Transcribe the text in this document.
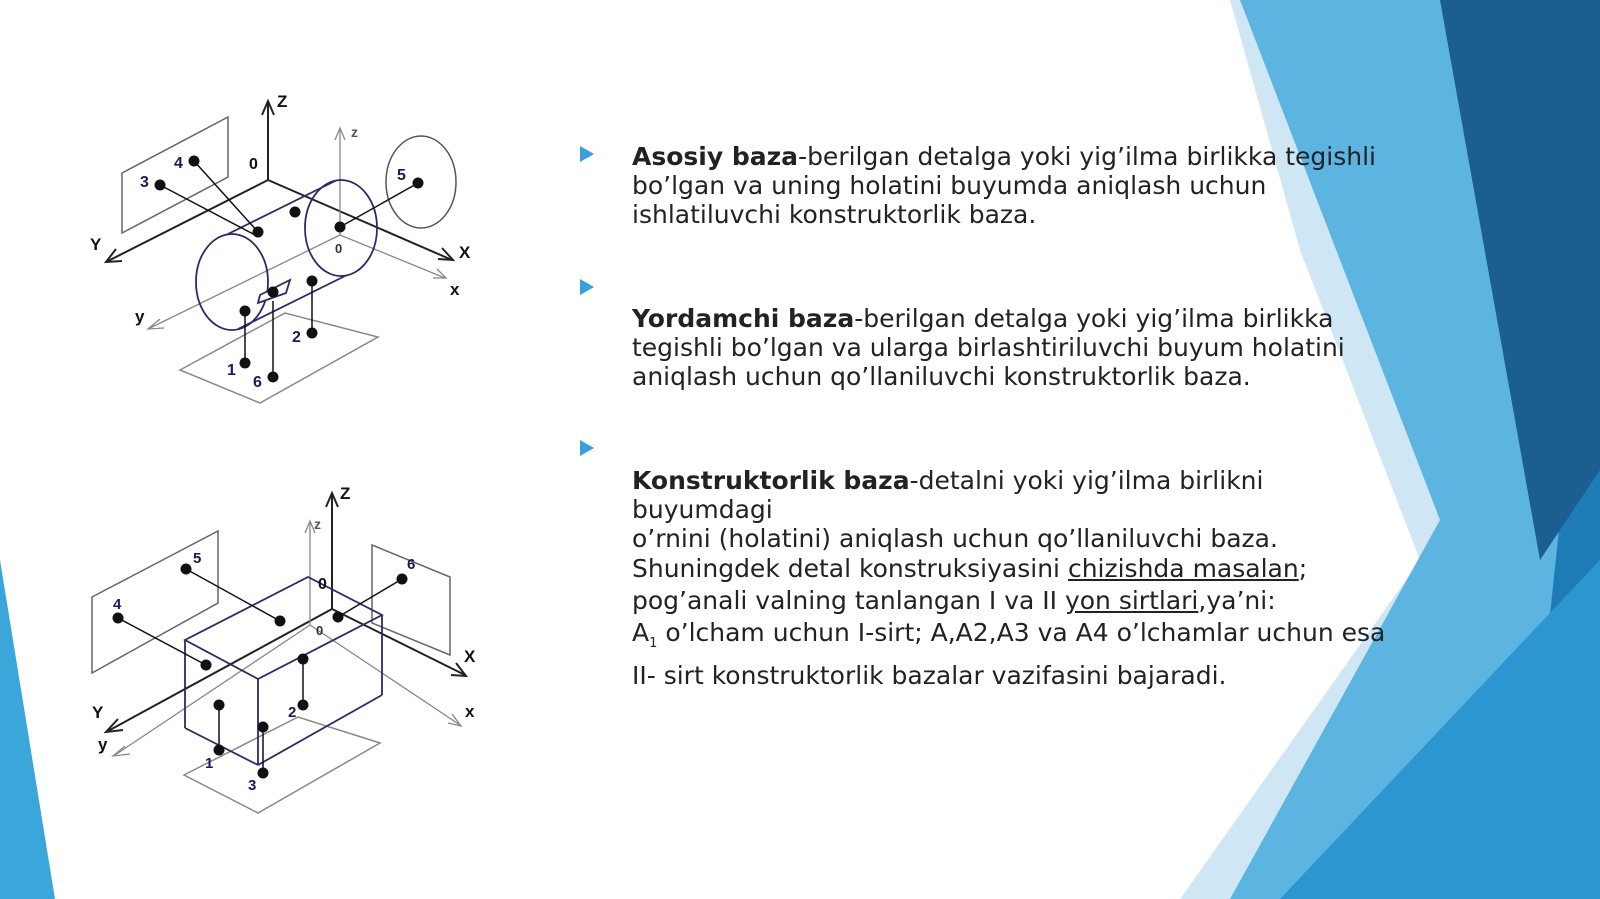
Z
z
Y
y
X
x
0
0
3
4
5
1
6
2
Z
z
Y
y
X
x
0
0
5
4
6
1
3
2
Asosiy baza-berilgan detalga yoki yig’ilma birlikka tegishli
bo’lgan va uning holatini buyumda aniqlash uchun
ishlatiluvchi konstruktorlik baza.
Yordamchi baza-berilgan detalga yoki yig’ilma birlikka
tegishli bo’lgan va ularga birlashtiriluvchi buyum holatini
aniqlash uchun qo’llaniluvchi konstruktorlik baza.
Konstruktorlik baza-detalni yoki yig’ilma birlikni buyumdagi
o’rnini (holatini) aniqlash uchun qo’llaniluvchi baza.
Shuningdek detal konstruksiyasini chizishda masalan;
pog’anali valning tanlangan I va II yon sirtlari,ya’ni:
$A_1$ o’lcham uchun I-sirt; A,A2,A3 va A4 o’lchamlar uchun esa
II- sirt konstruktorlik bazalar vazifasini bajaradi.
